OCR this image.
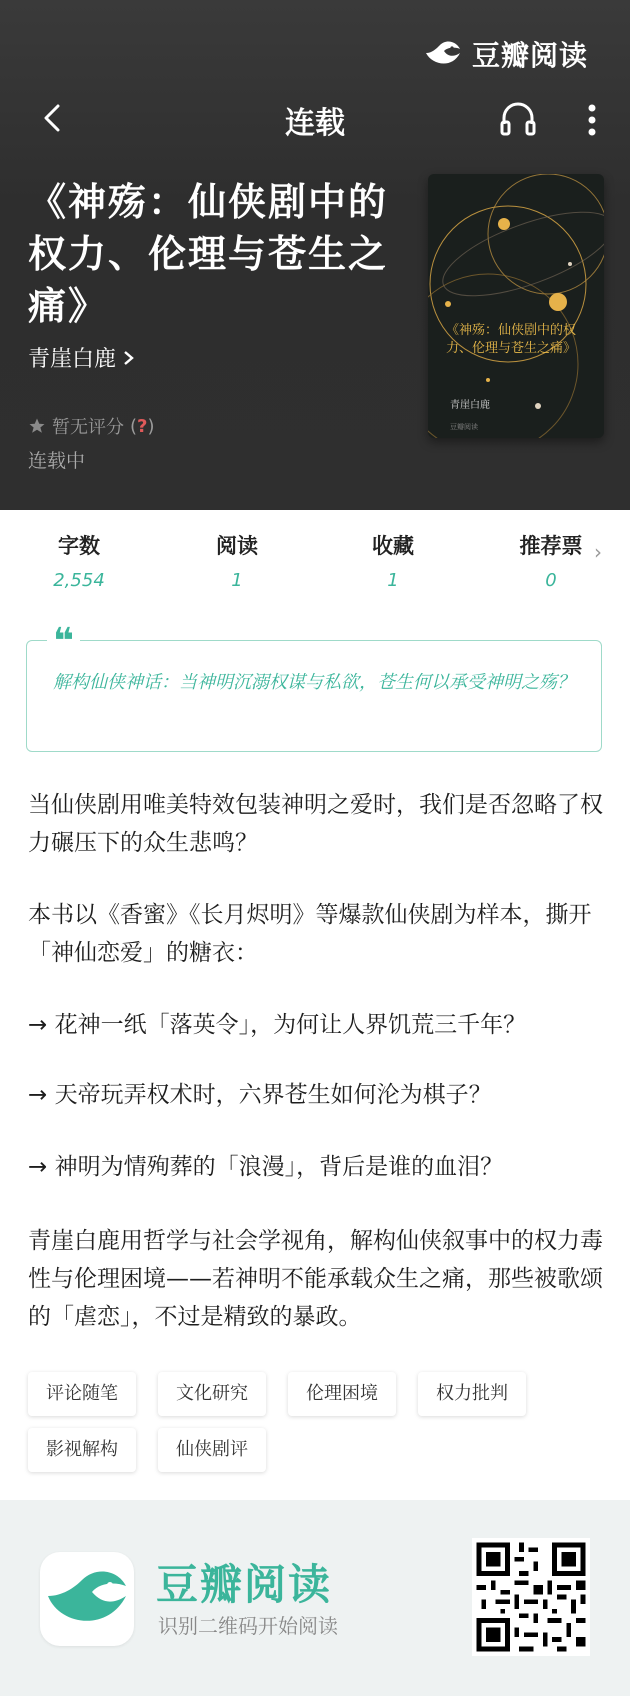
豆瓣阅读
连载
《神殇：仙侠剧中的权力、伦理与苍生之痛》
青崖白鹿
暂无评分 (?)
连载中
《神殇：仙侠剧中的权力、伦理与苍生之痛》
青崖白鹿
豆瓣阅读
字数
2,554
阅读
1
收藏
1
推荐票
0
›
❝
解构仙侠神话：当神明沉溺权谋与私欲，苍生何以承受神明之殇？
当仙侠剧用唯美特效包装神明之爱时，我们是否忽略了权力碾压下的众生悲鸣？
本书以《香蜜》《长月烬明》等爆款仙侠剧为样本，撕开「神仙恋爱」的糖衣：
→ 花神一纸「落英令」，为何让人界饥荒三千年？
→ 天帝玩弄权术时，六界苍生如何沦为棋子？
→ 神明为情殉葬的「浪漫」，背后是谁的血泪？
青崖白鹿用哲学与社会学视角，解构仙侠叙事中的权力毒性与伦理困境——若神明不能承载众生之痛，那些被歌颂的「虐恋」，不过是精致的暴政。
评论随笔	文化研究	伦理困境	权力批判
影视解构	仙侠剧评
豆瓣阅读
识别二维码开始阅读
